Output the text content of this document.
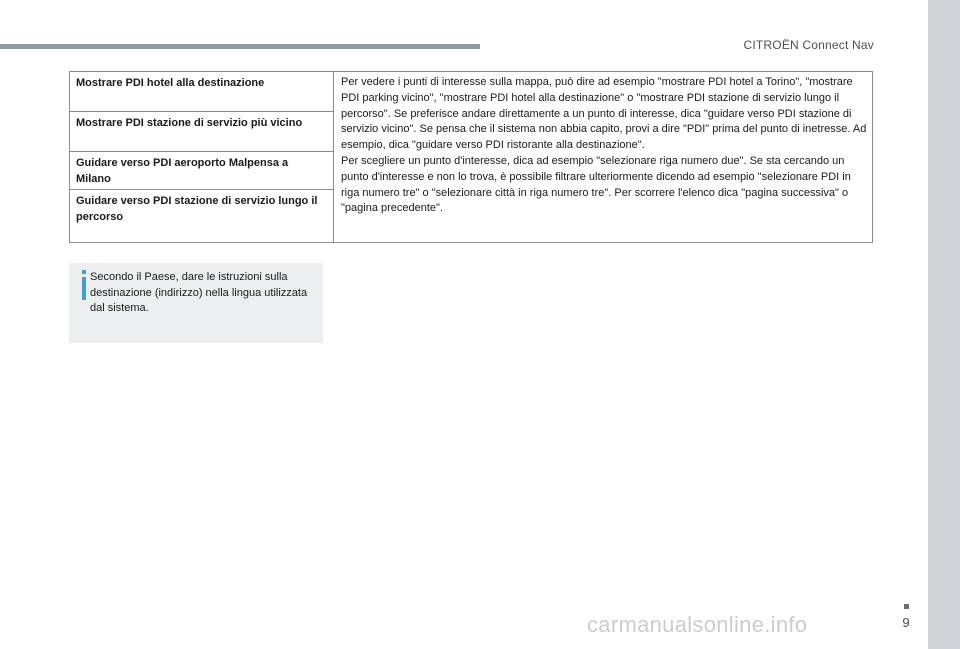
CITROËN Connect Nav
Mostrare PDI hotel alla destinazione
Mostrare PDI stazione di servizio più vicino
Guidare verso PDI aeroporto Malpensa a Milano
Guidare verso PDI stazione di servizio lungo il percorso

Per vedere i punti di interesse sulla mappa, può dire ad esempio "mostrare PDI hotel a Torino", "mostrare PDI parking vicino", "mostrare PDI hotel alla destinazione" o "mostrare PDI stazione di servizio lungo il percorso". Se preferisce andare direttamente a un punto di interesse, dica "guidare verso PDI stazione di servizio vicino". Se pensa che il sistema non abbia capito, provi a dire "PDI" prima del punto di inetresse. Ad esempio, dica "guidare verso PDI ristorante alla destinazione".

Per scegliere un punto d'interesse, dica ad esempio "selezionare riga numero due". Se sta cercando un punto d'interesse e non lo trova, è possibile filtrare ulteriormente dicendo ad esempio "selezionare PDI in riga numero tre" o "selezionare città in riga numero tre". Per scorrere l'elenco dica "pagina successiva" o "pagina precedente".

Secondo il Paese, dare le istruzioni sulla destinazione (indirizzo) nella lingua utilizzata dal sistema.
9
carmanualsonline.info
